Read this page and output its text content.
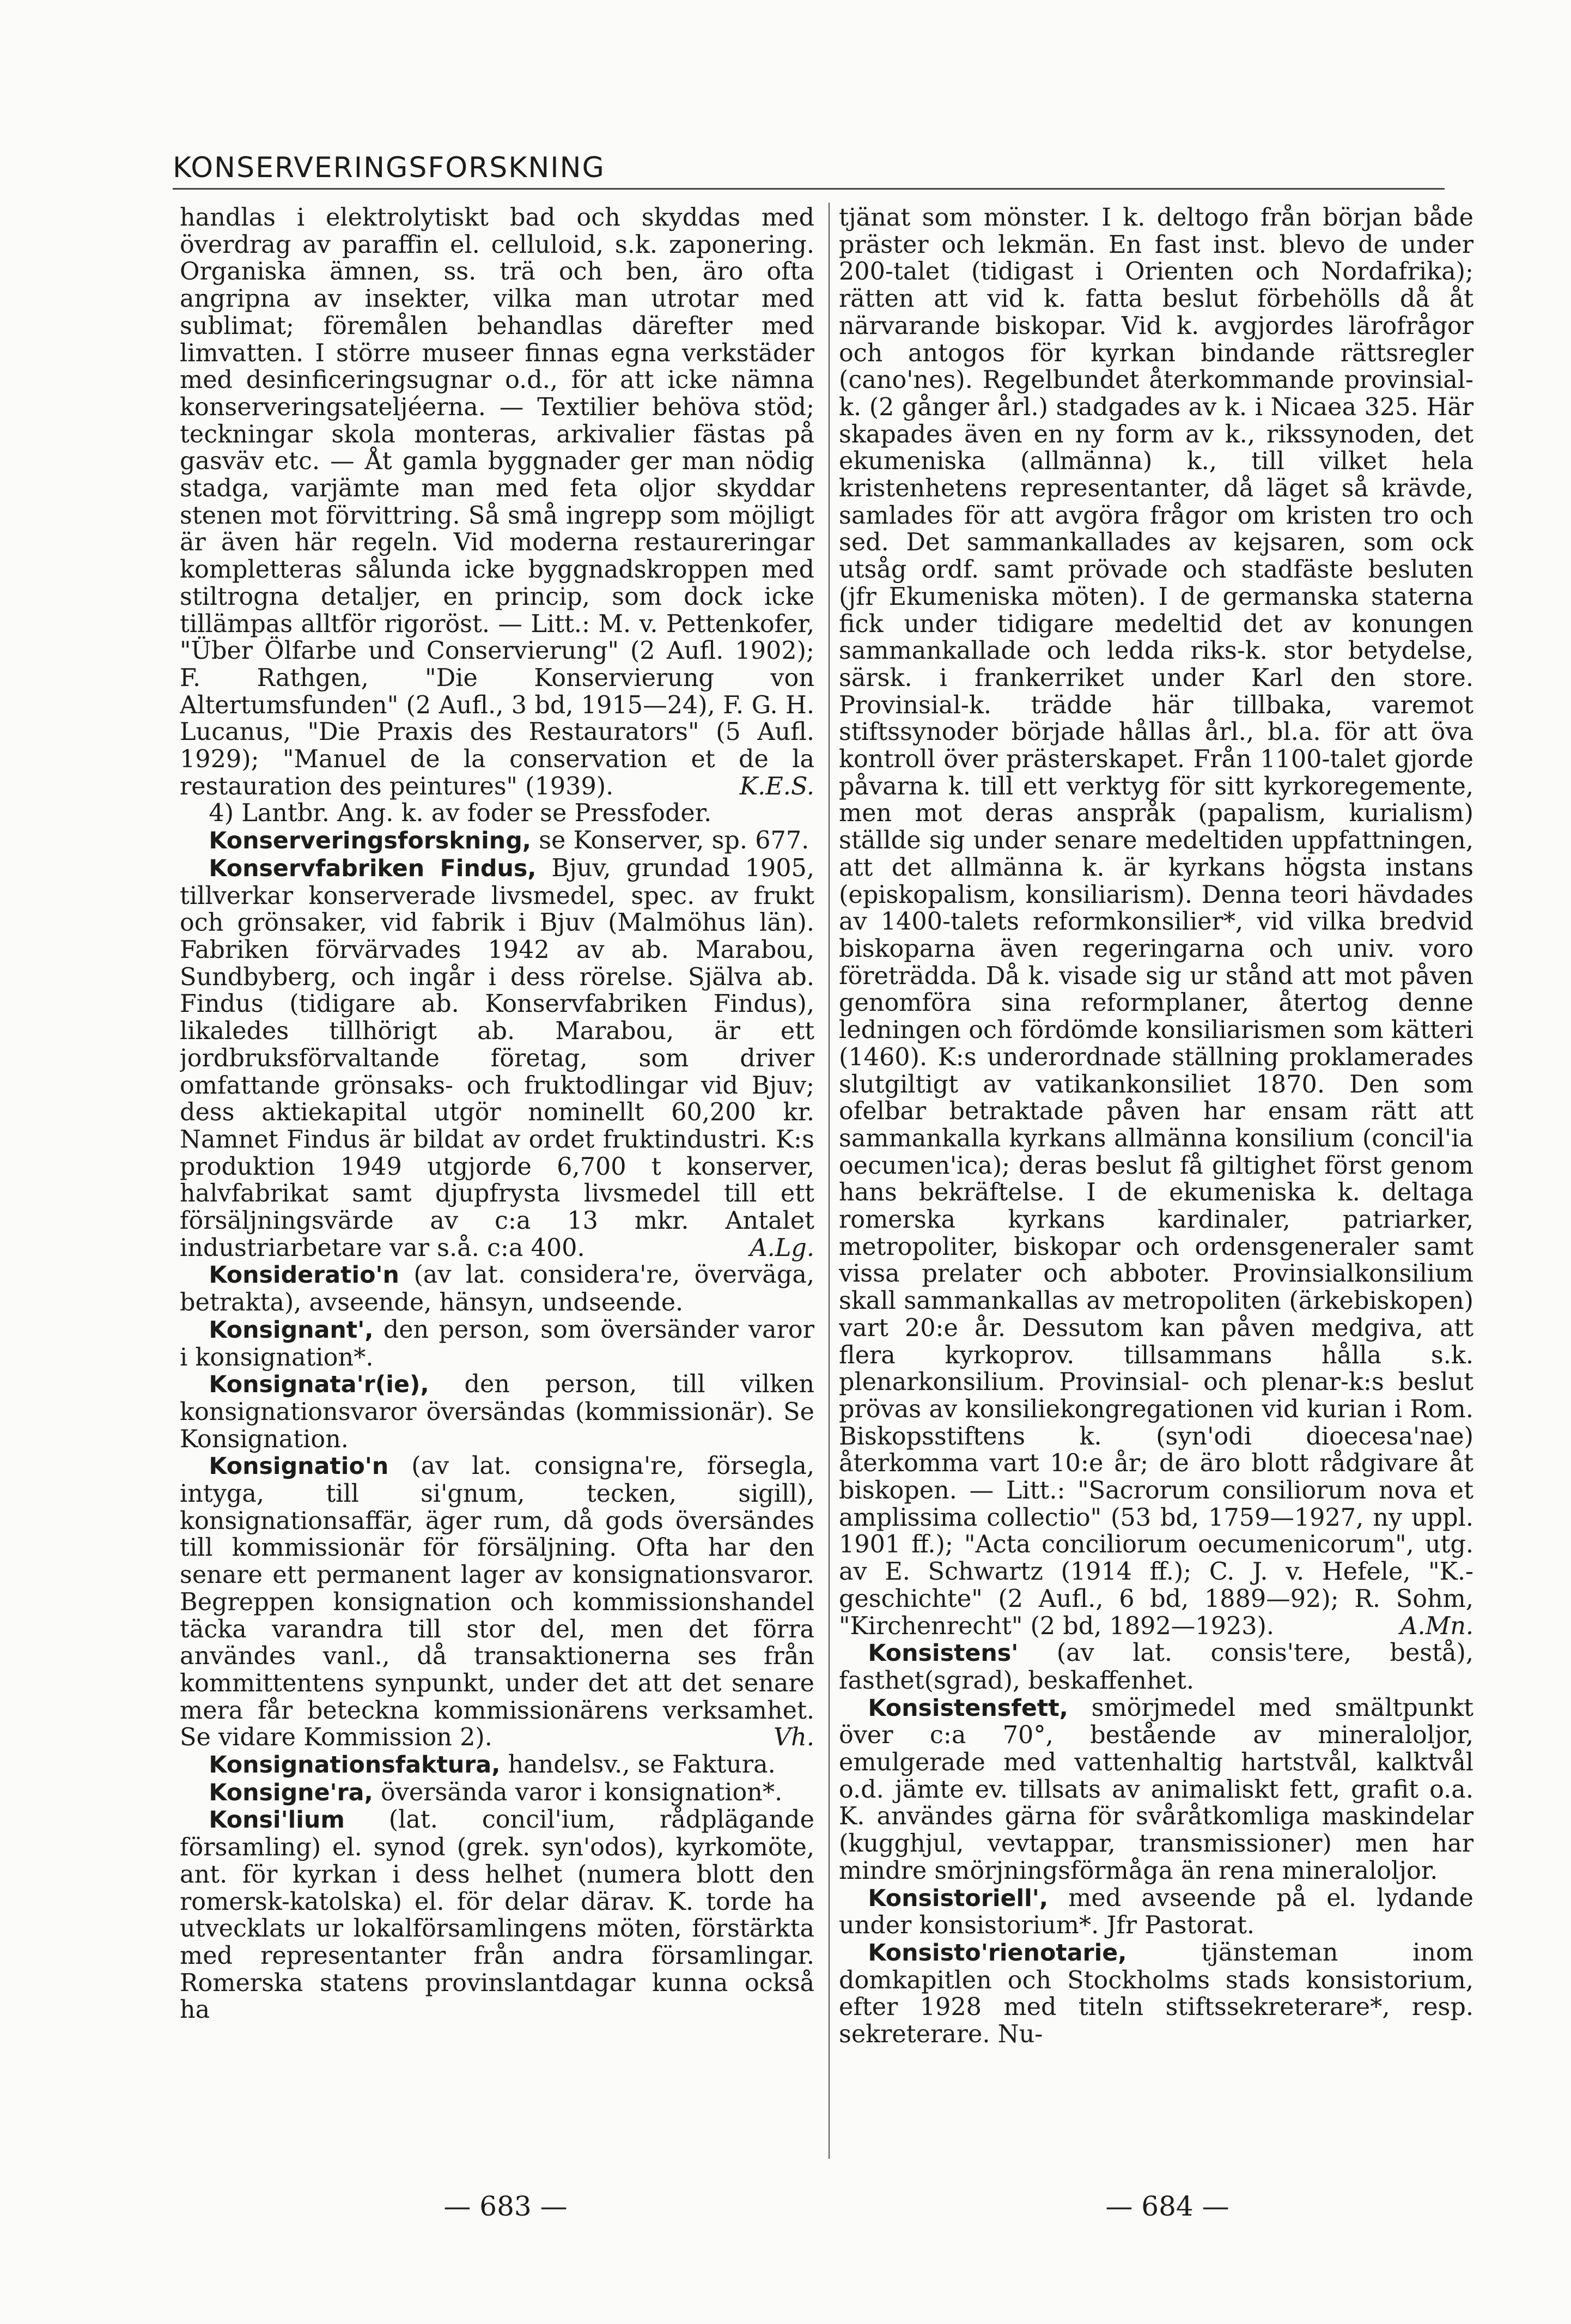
KONSERVERINGSFORSKNING

handlas i elektrolytiskt bad och skyddas med överdrag av paraffin el. celluloid, s.k. zaponering. Organiska ämnen, ss. trä och ben, äro ofta angripna av insekter, vilka man utrotar med sublimat; föremålen behandlas därefter med limvatten. I större museer finnas egna verkstäder med desinficeringsugnar o.d., för att icke nämna konserveringsateljéerna. — Textilier behöva stöd; teckningar skola monteras, arkivalier fästas på gasväv etc. — Åt gamla byggnader ger man nödig stadga, varjämte man med feta oljor skyddar stenen mot förvittring. Så små ingrepp som möjligt är även här regeln. Vid moderna restaureringar kompletteras sålunda icke byggnadskroppen med stiltrogna detaljer, en princip, som dock icke tillämpas alltför rigoröst. — Litt.: M. v. Pettenkofer, "Über Ölfarbe und Conservierung" (2 Aufl. 1902); F. Rathgen, "Die Konservierung von Altertumsfunden" (2 Aufl., 3 bd, 1915—24), F. G. H. Lucanus, "Die Praxis des Restaurators" (5 Aufl. 1929); "Manuel de la conservation et de la restauration des peintures" (1939).	K.E.S.

4) Lantbr. Ang. k. av foder se Pressfoder.

Konserveringsforskning, se Konserver, sp. 677.

Konservfabriken Findus, Bjuv, grundad 1905, tillverkar konserverade livsmedel, spec. av frukt och grönsaker, vid fabrik i Bjuv (Malmöhus län). Fabriken förvärvades 1942 av ab. Marabou, Sundbyberg, och ingår i dess rörelse. Själva ab. Findus (tidigare ab. Konservfabriken Findus), likaledes tillhörigt ab. Marabou, är ett jordbruksförvaltande företag, som driver omfattande grönsaks- och fruktodlingar vid Bjuv; dess aktiekapital utgör nominellt 60,200 kr. Namnet Findus är bildat av ordet fruktindustri. K:s produktion 1949 utgjorde 6,700 t konserver, halvfabrikat samt djupfrysta livsmedel till ett försäljningsvärde av c:a 13 mkr. Antalet industriarbetare var s.å. c:a 400.	A.Lg.

Konsideratio'n (av lat. considera're, överväga, betrakta), avseende, hänsyn, undseende.

Konsignant', den person, som översänder varor i konsignation*.

Konsignata'r(ie), den person, till vilken konsignationsvaror översändas (kommissionär). Se Konsignation.

Konsignatio'n (av lat. consigna're, försegla, intyga, till si'gnum, tecken, sigill), konsignationsaffär, äger rum, då gods översändes till kommissionär för försäljning. Ofta har den senare ett permanent lager av konsignationsvaror. Begreppen konsignation och kommissionshandel täcka varandra till stor del, men det förra användes vanl., då transaktionerna ses från kommittentens synpunkt, under det att det senare mera får beteckna kommissionärens verksamhet. Se vidare Kommission 2).	Vh.

Konsignationsfaktura, handelsv., se Faktura.

Konsigne'ra, översända varor i konsignation*.

Konsi'lium (lat. concil'ium, rådplägande församling) el. synod (grek. syn'odos), kyrkomöte, ant. för kyrkan i dess helhet (numera blott den romersk-katolska) el. för delar därav. K. torde ha utvecklats ur lokalförsamlingens möten, förstärkta med representanter från andra församlingar. Romerska statens provinslantdagar kunna också ha

tjänat som mönster. I k. deltogo från början både präster och lekmän. En fast inst. blevo de under 200-talet (tidigast i Orienten och Nordafrika); rätten att vid k. fatta beslut förbehölls då åt närvarande biskopar. Vid k. avgjordes lärofrågor och antogos för kyrkan bindande rättsregler (cano'nes). Regelbundet återkommande provinsial-k. (2 gånger årl.) stadgades av k. i Nicaea 325. Här skapades även en ny form av k., rikssynoden, det ekumeniska (allmänna) k., till vilket hela kristenhetens representanter, då läget så krävde, samlades för att avgöra frågor om kristen tro och sed. Det sammankallades av kejsaren, som ock utsåg ordf. samt prövade och stadfäste besluten (jfr Ekumeniska möten). I de germanska staterna fick under tidigare medeltid det av konungen sammankallade och ledda riks-k. stor betydelse, särsk. i frankerriket under Karl den store. Provinsial-k. trädde här tillbaka, varemot stiftssynoder började hållas årl., bl.a. för att öva kontroll över prästerskapet. Från 1100-talet gjorde påvarna k. till ett verktyg för sitt kyrkoregemente, men mot deras anspråk (papalism, kurialism) ställde sig under senare medeltiden uppfattningen, att det allmänna k. är kyrkans högsta instans (episkopalism, konsiliarism). Denna teori hävdades av 1400-talets reformkonsilier*, vid vilka bredvid biskoparna även regeringarna och univ. voro företrädda. Då k. visade sig ur stånd att mot påven genomföra sina reformplaner, återtog denne ledningen och fördömde konsiliarismen som kätteri (1460). K:s underordnade ställning proklamerades slutgiltigt av vatikankonsiliet 1870. Den som ofelbar betraktade påven har ensam rätt att sammankalla kyrkans allmänna konsilium (concil'ia oecumen'ica); deras beslut få giltighet först genom hans bekräftelse. I de ekumeniska k. deltaga romerska kyrkans kardinaler, patriarker, metropoliter, biskopar och ordensgeneraler samt vissa prelater och abboter. Provinsialkonsilium skall sammankallas av metropoliten (ärkebiskopen) vart 20:e år. Dessutom kan påven medgiva, att flera kyrkoprov. tillsammans hålla s.k. plenarkonsilium. Provinsial- och plenar-k:s beslut prövas av konsiliekongregationen vid kurian i Rom. Biskopsstiftens k. (syn'odi dioecesa'nae) återkomma vart 10:e år; de äro blott rådgivare åt biskopen. — Litt.: "Sacrorum consiliorum nova et amplissima collectio" (53 bd, 1759—1927, ny uppl. 1901 ff.); "Acta conciliorum oecumenicorum", utg. av E. Schwartz (1914 ff.); C. J. v. Hefele, "K.-geschichte" (2 Aufl., 6 bd, 1889—92); R. Sohm, "Kirchenrecht" (2 bd, 1892—1923).	A.Mn.

Konsistens' (av lat. consis'tere, bestå), fasthet(sgrad), beskaffenhet.

Konsistensfett, smörjmedel med smältpunkt över c:a 70°, bestående av mineraloljor, emulgerade med vattenhaltig hartstvål, kalktvål o.d. jämte ev. tillsats av animaliskt fett, grafit o.a. K. användes gärna för svåråtkomliga maskindelar (kugghjul, vevtappar, transmissioner) men har mindre smörjningsförmåga än rena mineraloljor.

Konsistoriell', med avseende på el. lydande under konsistorium*. Jfr Pastorat.

Konsisto'rienotarie,	tjänsteman inom domkapitlen och Stockholms stads konsistorium, efter 1928 med titeln stiftssekreterare*, resp. sekreterare. Nu-

— 683 —	— 684 —
